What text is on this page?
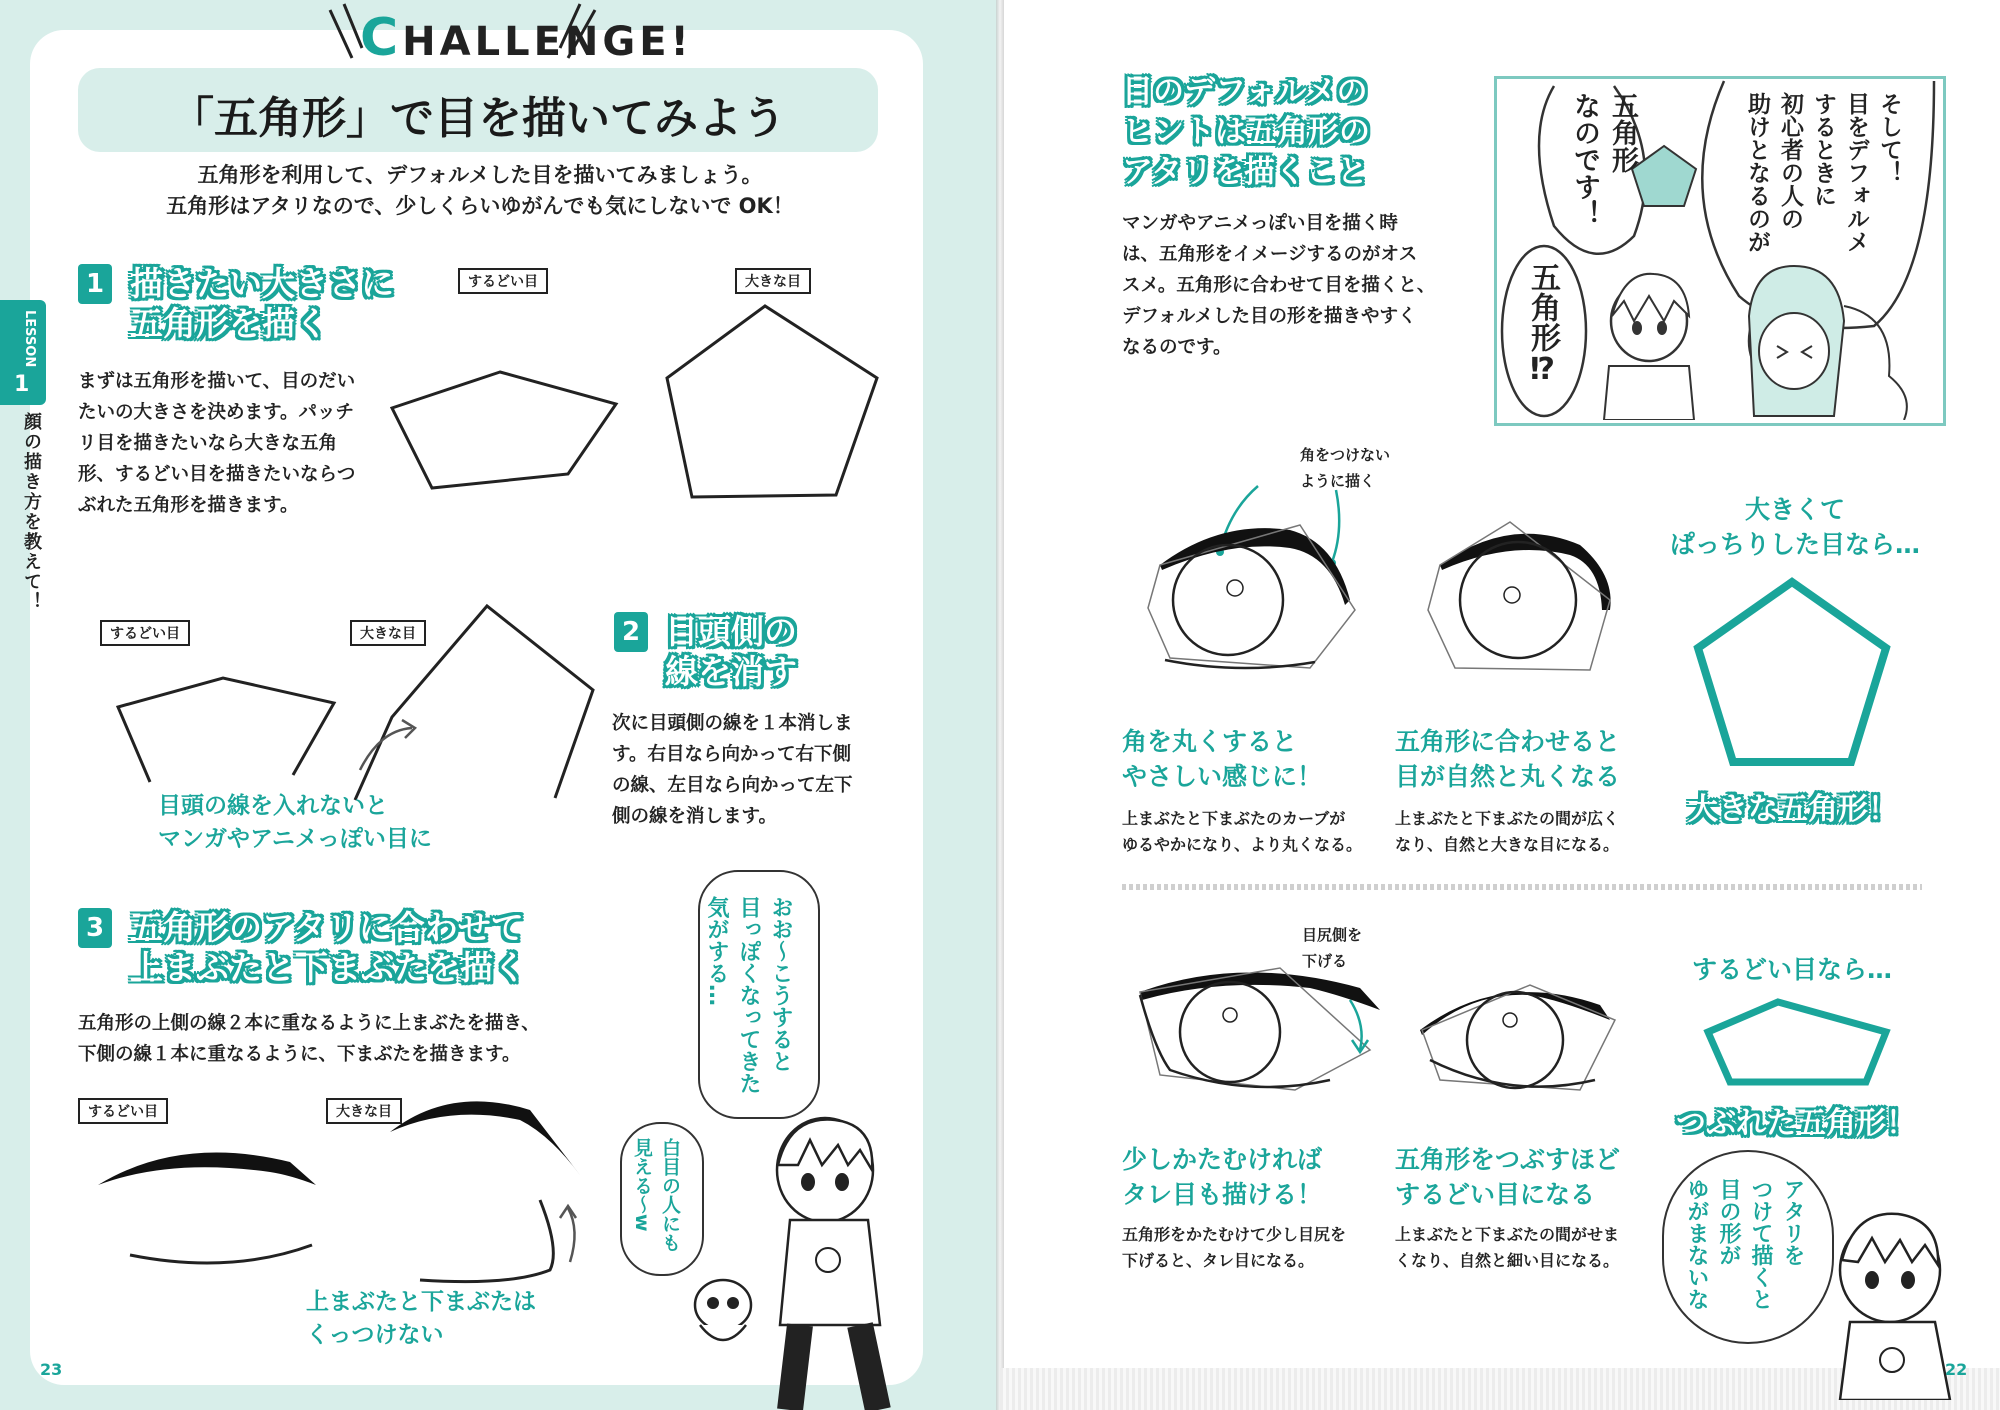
CHALLENGE!
「五角形」で目を描いてみよう
五角形を利用して、デフォルメした目を描いてみましょう。
五角形はアタリなので、少しくらいゆがんでも気にしないで OK！
LESSON
1
顔の描き方を教えて！
1 描きたい大きさに
五角形を描く
まずは五角形を描いて、目のだい
たいの大きさを決めます。パッチ
リ目を描きたいなら大きな五角
形、するどい目を描きたいならつ
ぶれた五角形を描きます。
するどい目	大きな目
するどい目	大きな目
目頭の線を入れないと
マンガやアニメっぽい目に
2 目頭側の
線を消す
次に目頭側の線を１本消しま
す。右目なら向かって右下側
の線、左目なら向かって左下
側の線を消します。
3 五角形のアタリに合わせて
上まぶたと下まぶたを描く
五角形の上側の線２本に重なるように上まぶたを描き、
下側の線１本に重なるように、下まぶたを描きます。
するどい目	大きな目
上まぶたと下まぶたは
くっつけない
おお〜こうすると
目っぽくなってきた
気がする…
白目の人にも
見える〜w
23
目のデフォルメの
ヒントは五角形の
アタリを描くこと
マンガやアニメっぽい目を描く時
は、五角形をイメージするのがオス
スメ。五角形に合わせて目を描くと、
デフォルメした目の形を描きやすく
なるのです。
そして！
目をデフォルメ
するときに
初心者の人の
助けとなるのが
五角形
なのです！
五角形⁉
角をつけない
ように描く
大きくて
ぱっちりした目なら…
大きな五角形！
角を丸くすると
やさしい感じに！
上まぶたと下まぶたのカーブが
ゆるやかになり、より丸くなる。
五角形に合わせると
目が自然と丸くなる
上まぶたと下まぶたの間が広く
なり、自然と大きな目になる。
目尻側を
下げる	するどい目なら…
つぶれた五角形！
少しかたむければ
タレ目も描ける！
五角形をかたむけて少し目尻を
下げると、タレ目になる。
五角形をつぶすほど
するどい目になる
上まぶたと下まぶたの間がせま
くなり、自然と細い目になる。	アタリを
つけて描くと
目の形が
ゆがまないな
22
